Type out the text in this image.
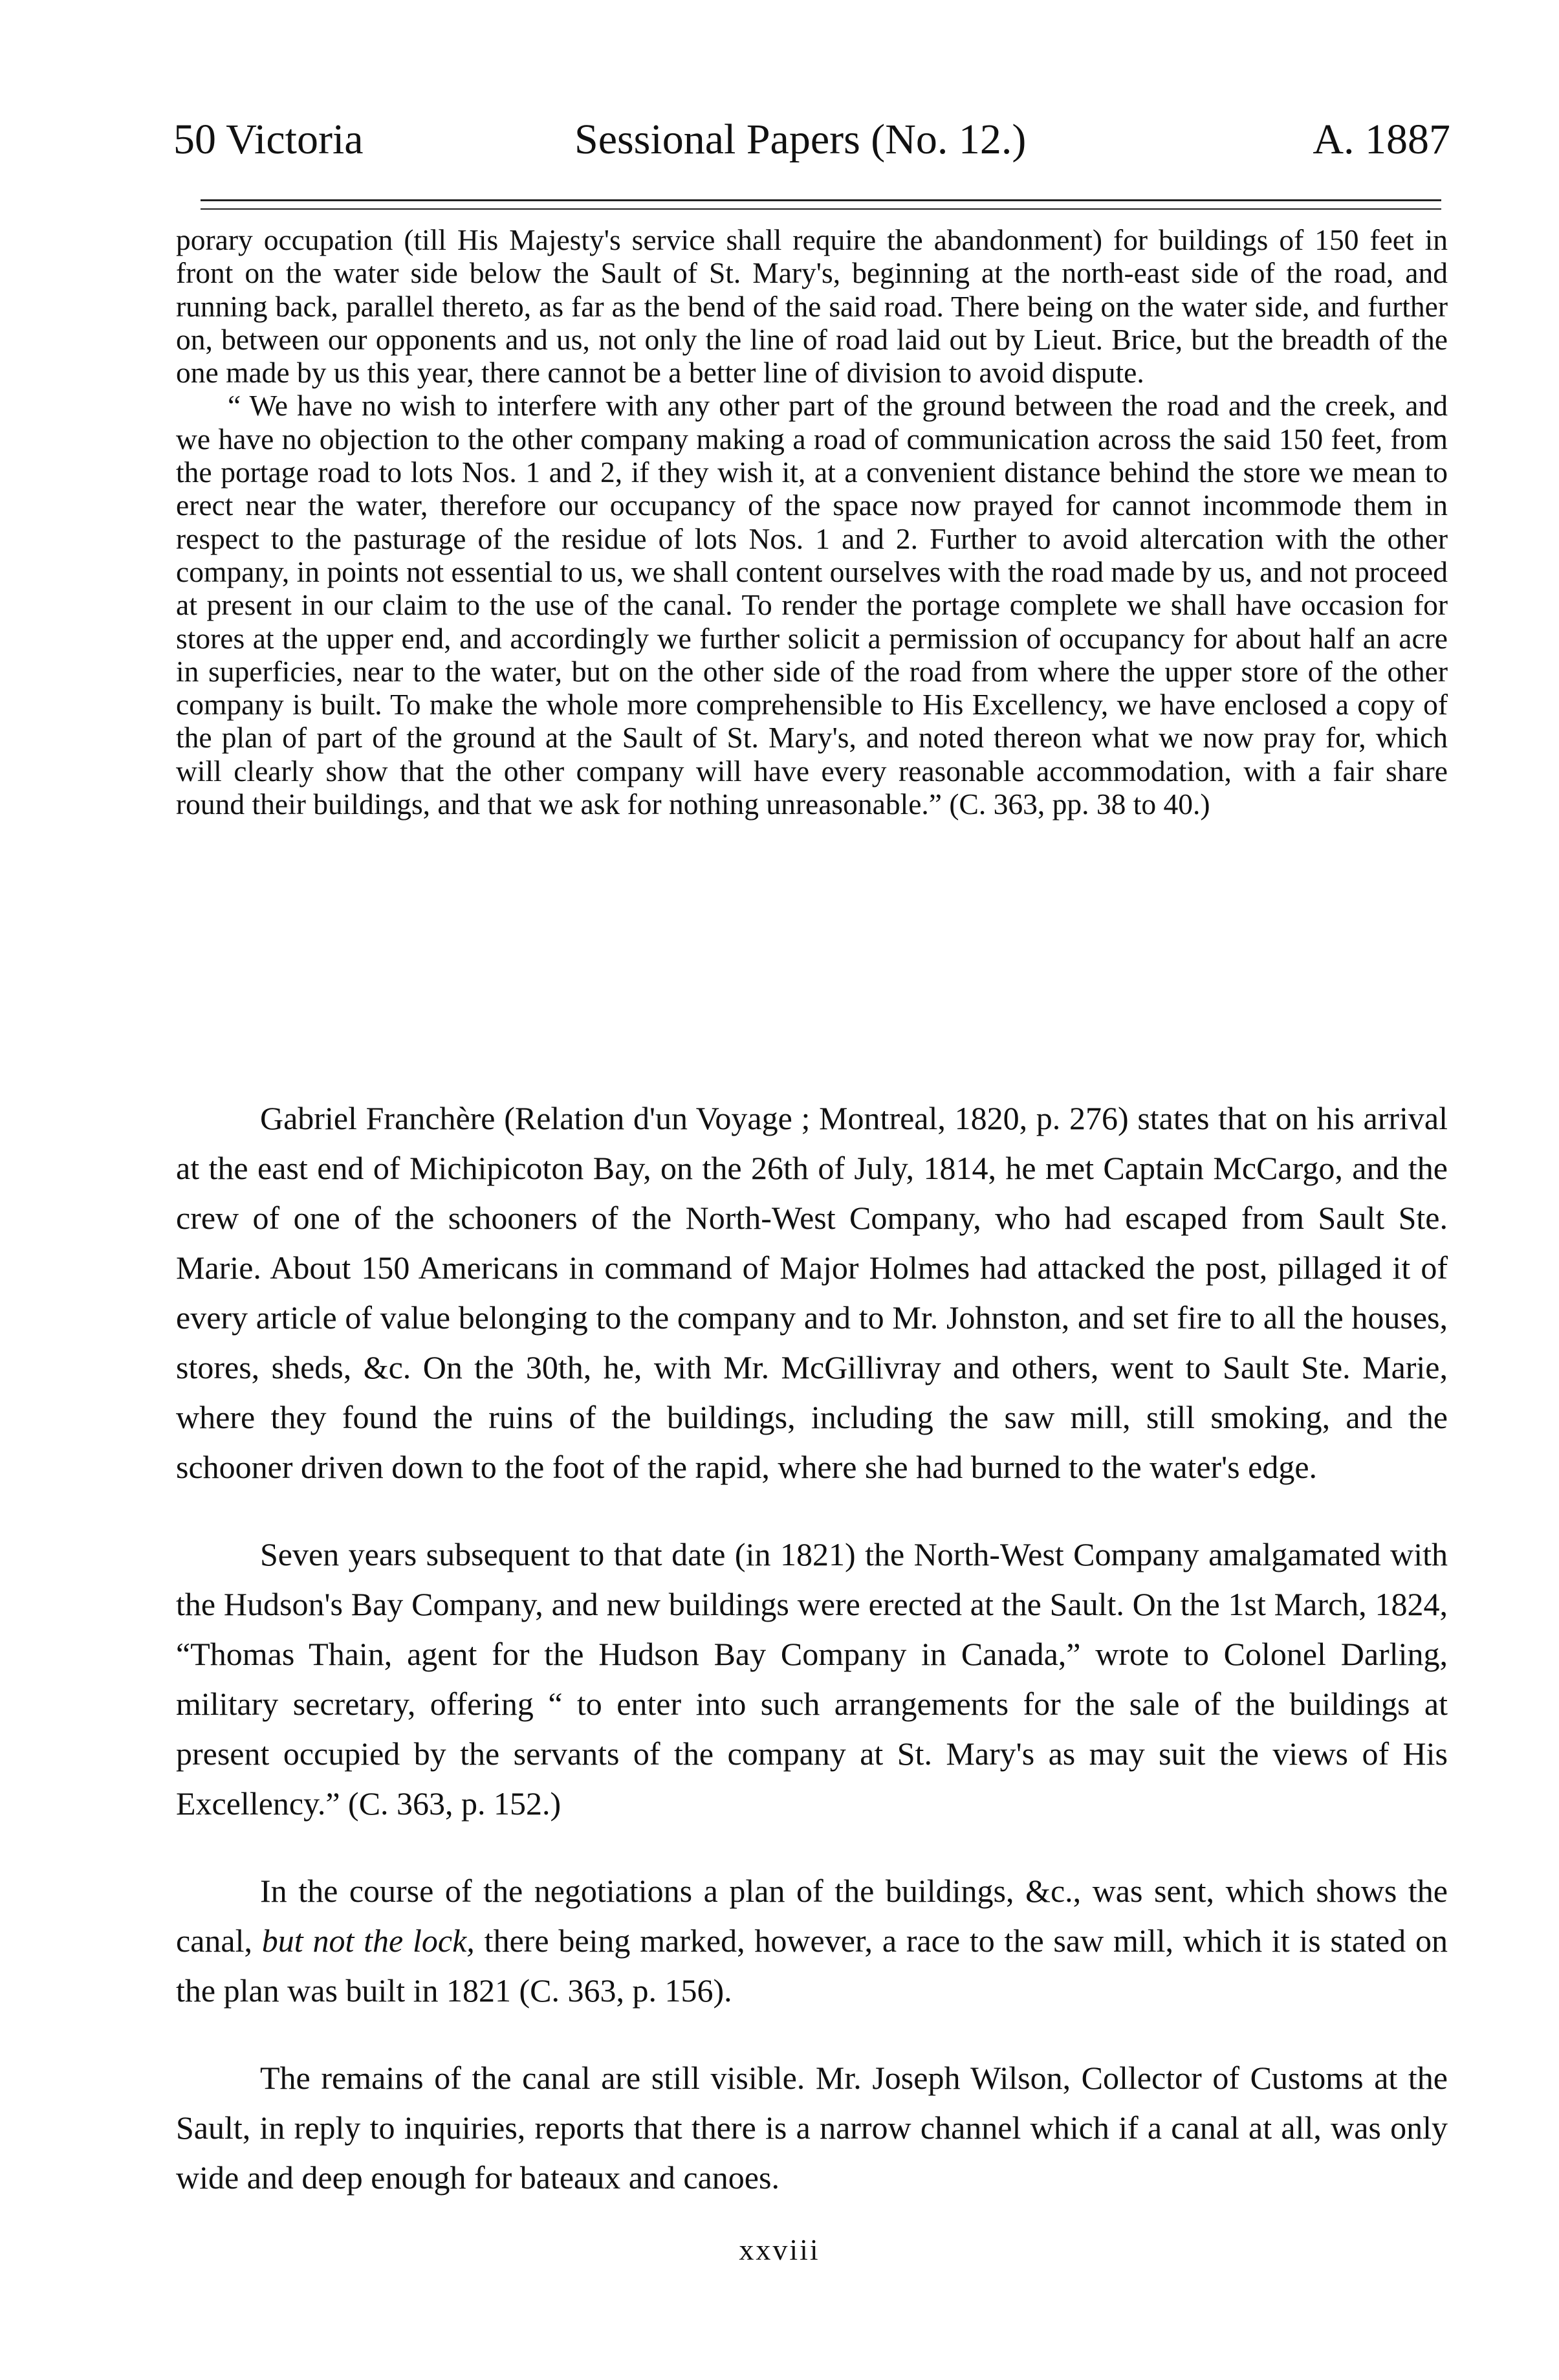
50 Victoria	Sessional Papers (No. 12.)	A. 1887

porary occupation (till His Majesty's service shall require the abandonment) for buildings of 150 feet in front on the water side below the Sault of St. Mary's, beginning at the north-east side of the road, and running back, parallel thereto, as far as the bend of the said road. There being on the water side, and further on, between our opponents and us, not only the line of road laid out by Lieut. Brice, but the breadth of the one made by us this year, there cannot be a better line of division to avoid dispute.

“ We have no wish to interfere with any other part of the ground between the road and the creek, and we have no objection to the other company making a road of communication across the said 150 feet, from the portage road to lots Nos. 1 and 2, if they wish it, at a convenient distance behind the store we mean to erect near the water, therefore our occupancy of the space now prayed for cannot incommode them in respect to the pasturage of the residue of lots Nos. 1 and 2. Further to avoid altercation with the other company, in points not essential to us, we shall content ourselves with the road made by us, and not proceed at present in our claim to the use of the canal. To render the portage complete we shall have occasion for stores at the upper end, and accordingly we further solicit a permission of occupancy for about half an acre in superficies, near to the water, but on the other side of the road from where the upper store of the other company is built. To make the whole more comprehensible to His Excellency, we have enclosed a copy of the plan of part of the ground at the Sault of St. Mary's, and noted thereon what we now pray for, which will clearly show that the other company will have every reasonable accommodation, with a fair share round their buildings, and that we ask for nothing unreasonable.” (C. 363, pp. 38 to 40.)

Gabriel Franchère (Relation d'un Voyage ; Montreal, 1820, p. 276) states that on his arrival at the east end of Michipicoton Bay, on the 26th of July, 1814, he met Captain McCargo, and the crew of one of the schooners of the North-West Company, who had escaped from Sault Ste. Marie. About 150 Americans in command of Major Holmes had attacked the post, pillaged it of every article of value belonging to the company and to Mr. Johnston, and set fire to all the houses, stores, sheds, &c. On the 30th, he, with Mr. McGillivray and others, went to Sault Ste. Marie, where they found the ruins of the buildings, including the saw mill, still smoking, and the schooner driven down to the foot of the rapid, where she had burned to the water's edge.

Seven years subsequent to that date (in 1821) the North-West Company amalgamated with the Hudson's Bay Company, and new buildings were erected at the Sault. On the 1st March, 1824, “Thomas Thain, agent for the Hudson Bay Company in Canada,” wrote to Colonel Darling, military secretary, offering “ to enter into such arrangements for the sale of the buildings at present occupied by the servants of the company at St. Mary's as may suit the views of His Excellency.” (C. 363, p. 152.)

In the course of the negotiations a plan of the buildings, &c., was sent, which shows the canal, but not the lock, there being marked, however, a race to the saw mill, which it is stated on the plan was built in 1821 (C. 363, p. 156).

The remains of the canal are still visible. Mr. Joseph Wilson, Collector of Customs at the Sault, in reply to inquiries, reports that there is a narrow channel which if a canal at all, was only wide and deep enough for bateaux and canoes.

xxviii
